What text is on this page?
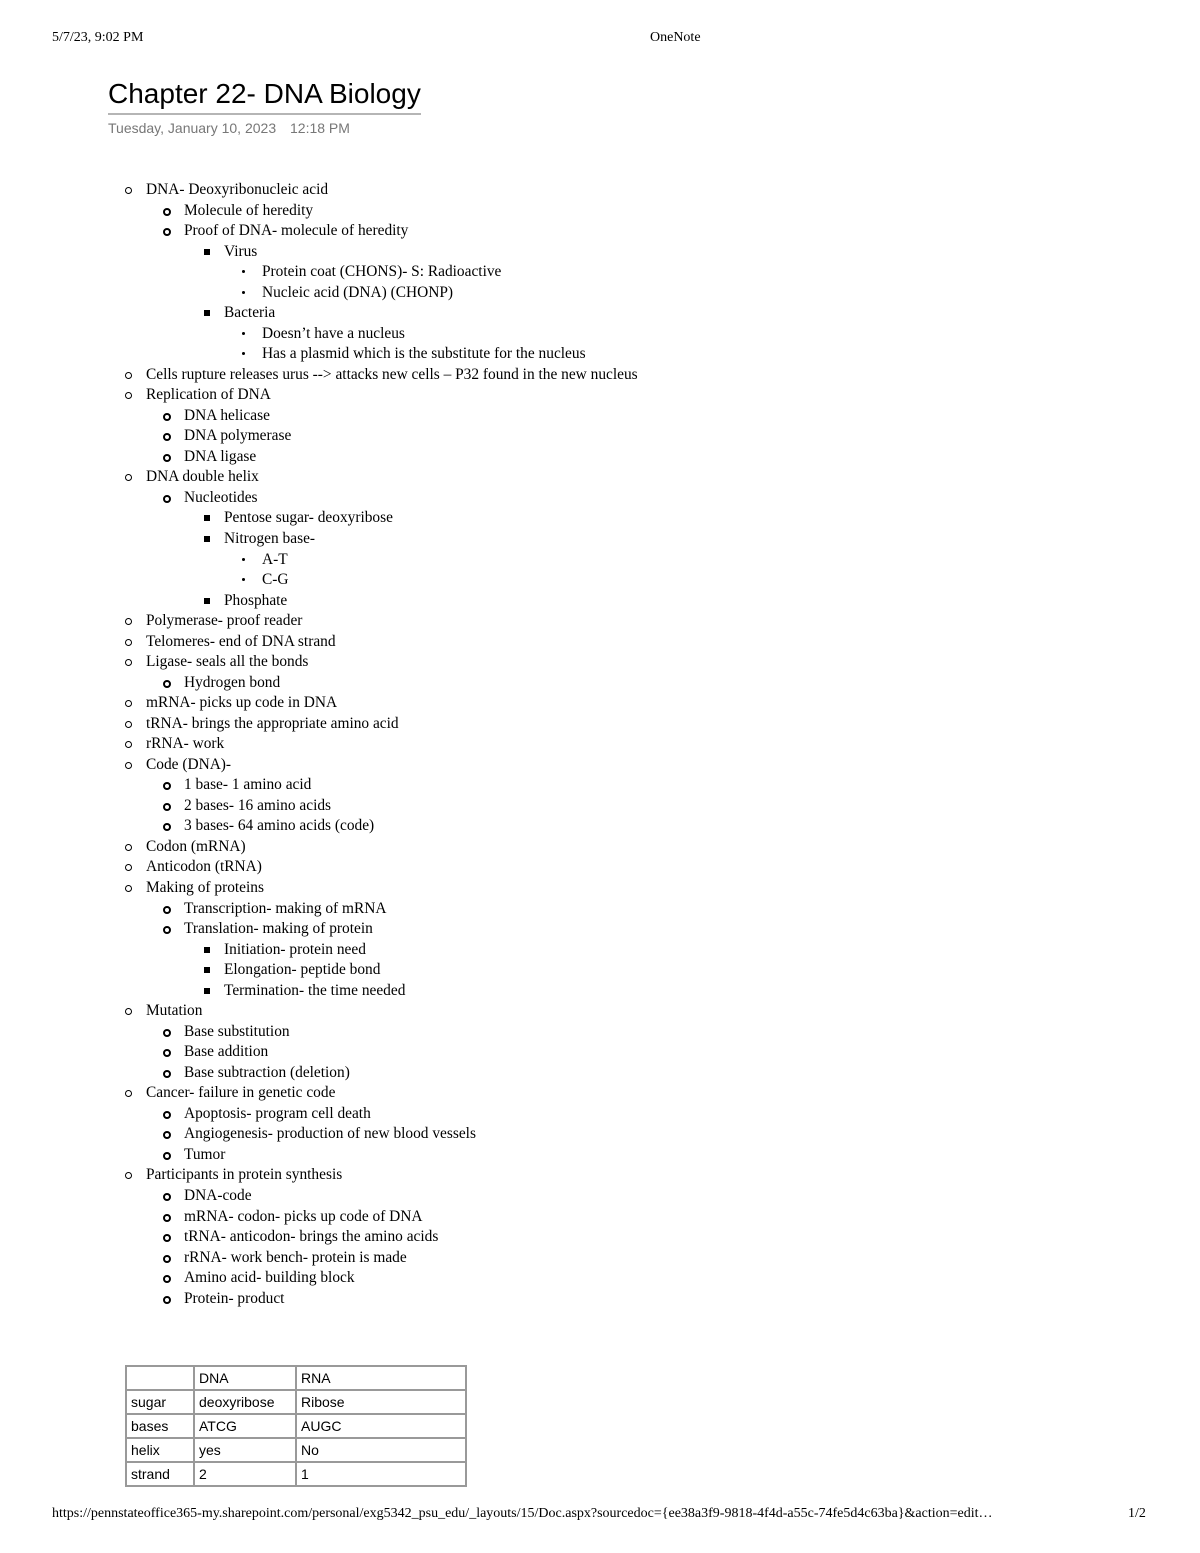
5/7/23, 9:02 PM	OneNote
Chapter 22- DNA Biology
Tuesday, January 10, 2023 12:18 PM
DNA- Deoxyribonucleic acid
Molecule of heredity
Proof of DNA- molecule of heredity
Virus
Protein coat (CHONS)- S: Radioactive
Nucleic acid (DNA) (CHONP)
Bacteria
Doesn’t have a nucleus
Has a plasmid which is the substitute for the nucleus
Cells rupture releases urus --> attacks new cells – P32 found in the new nucleus
Replication of DNA
DNA helicase
DNA polymerase
DNA ligase
DNA double helix
Nucleotides
Pentose sugar- deoxyribose
Nitrogen base-
A-T
C-G
Phosphate
Polymerase- proof reader
Telomeres- end of DNA strand
Ligase- seals all the bonds
Hydrogen bond
mRNA- picks up code in DNA
tRNA- brings the appropriate amino acid
rRNA- work
Code (DNA)-
1 base- 1 amino acid
2 bases- 16 amino acids
3 bases- 64 amino acids (code)
Codon (mRNA)
Anticodon (tRNA)
Making of proteins
Transcription- making of mRNA
Translation- making of protein
Initiation- protein need
Elongation- peptide bond
Termination- the time needed
Mutation
Base substitution
Base addition
Base subtraction (deletion)
Cancer- failure in genetic code
Apoptosis- program cell death
Angiogenesis- production of new blood vessels
Tumor
Participants in protein synthesis
DNA-code
mRNA- codon- picks up code of DNA
tRNA- anticodon- brings the amino acids
rRNA- work bench- protein is made
Amino acid- building block
Protein- product
	DNA	RNA
sugar	deoxyribose	Ribose
bases	ATCG	AUGC
helix	yes	No
strand	2	1
https://pennstateoffice365-my.sharepoint.com/personal/exg5342_psu_edu/_layouts/15/Doc.aspx?sourcedoc={ee38a3f9-9818-4f4d-a55c-74fe5d4c63ba}&action=edit…	1/2
